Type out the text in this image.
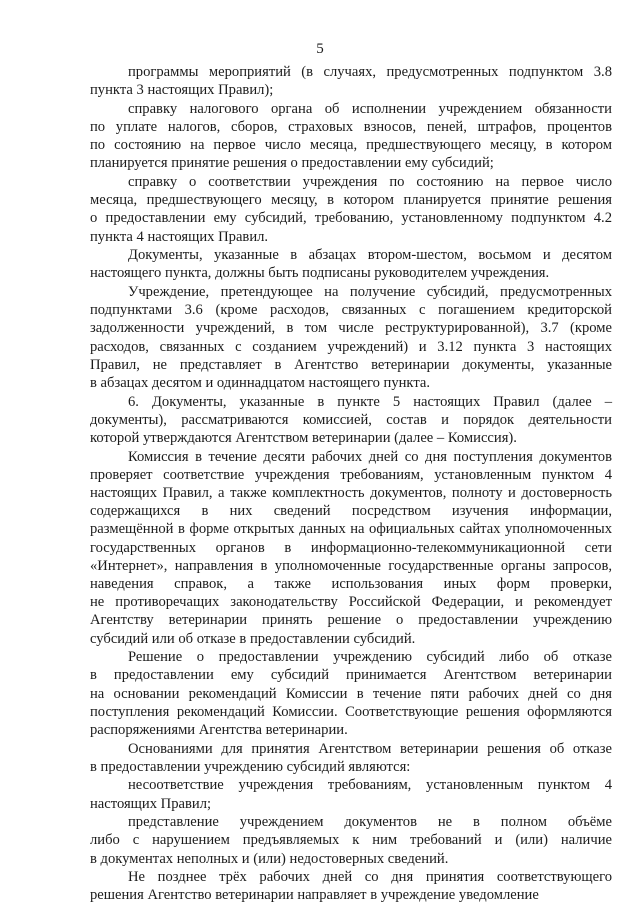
5
программы мероприятий (в случаях, предусмотренных подпунктом 3.8
пункта 3 настоящих Правил);
справку налогового органа об исполнении учреждением обязанности
по уплате налогов, сборов, страховых взносов, пеней, штрафов, процентов
по состоянию на первое число месяца, предшествующего месяцу, в котором
планируется принятие решения о предоставлении ему субсидий;
справку о соответствии учреждения по состоянию на первое число
месяца, предшествующего месяцу, в котором планируется принятие решения
о предоставлении ему субсидий, требованию, установленному подпунктом 4.2
пункта 4 настоящих Правил.
Документы, указанные в абзацах втором-шестом, восьмом и десятом
настоящего пункта, должны быть подписаны руководителем учреждения.
Учреждение, претендующее на получение субсидий, предусмотренных
подпунктами 3.6 (кроме расходов, связанных с погашением кредиторской
задолженности учреждений, в том числе реструктурированной), 3.7 (кроме
расходов, связанных с созданием учреждений) и 3.12 пункта 3 настоящих
Правил, не представляет в Агентство ветеринарии документы, указанные
в абзацах десятом и одиннадцатом настоящего пункта.
6. Документы, указанные в пункте 5 настоящих Правил (далее –
документы), рассматриваются комиссией, состав и порядок деятельности
которой утверждаются Агентством ветеринарии (далее – Комиссия).
Комиссия в течение десяти рабочих дней со дня поступления документов
проверяет соответствие учреждения требованиям, установленным пунктом 4
настоящих Правил, а также комплектность документов, полноту и достоверность
содержащихся в них сведений посредством изучения информации,
размещённой в форме открытых данных на официальных сайтах уполномоченных
государственных органов в информационно-телекоммуникационной сети
«Интернет», направления в уполномоченные государственные органы запросов,
наведения справок, а также использования иных форм проверки,
не противоречащих законодательству Российской Федерации, и рекомендует
Агентству ветеринарии принять решение о предоставлении учреждению
субсидий или об отказе в предоставлении субсидий.
Решение о предоставлении учреждению субсидий либо об отказе
в предоставлении ему субсидий принимается Агентством ветеринарии
на основании рекомендаций Комиссии в течение пяти рабочих дней со дня
поступления рекомендаций Комиссии. Соответствующие решения оформляются
распоряжениями Агентства ветеринарии.
Основаниями для принятия Агентством ветеринарии решения об отказе
в предоставлении учреждению субсидий являются:
несоответствие учреждения требованиям, установленным пунктом 4
настоящих Правил;
представление учреждением документов не в полном объёме
либо с нарушением предъявляемых к ним требований и (или) наличие
в документах неполных и (или) недостоверных сведений.
Не позднее трёх рабочих дней со дня принятия соответствующего
решения Агентство ветеринарии направляет в учреждение уведомление
